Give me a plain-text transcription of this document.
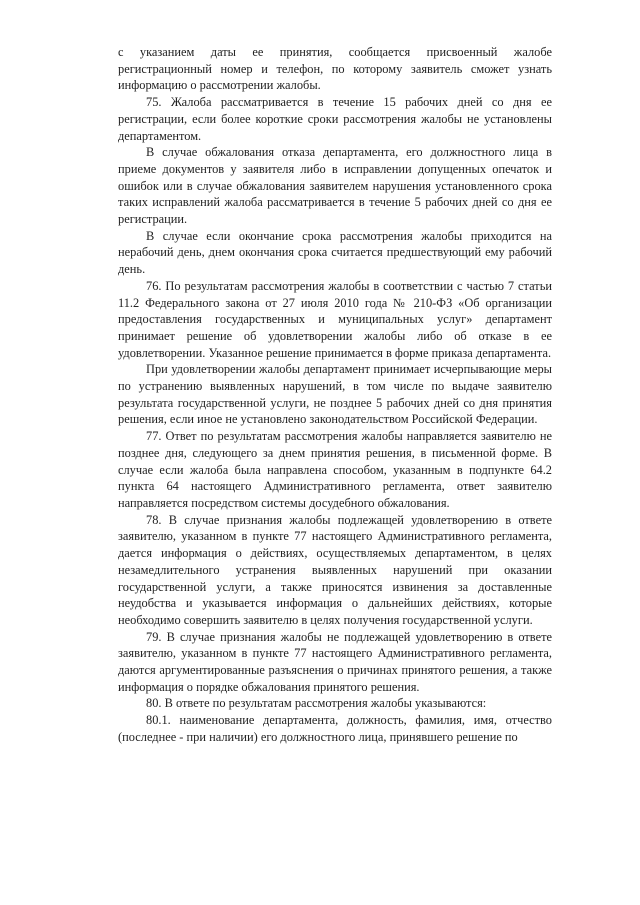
с указанием даты ее принятия, сообщается присвоенный жалобе регистрационный номер и телефон, по которому заявитель сможет узнать информацию о рассмотрении жалобы.

75. Жалоба рассматривается в течение 15 рабочих дней со дня ее регистрации, если более короткие сроки рассмотрения жалобы не установлены департаментом.

В случае обжалования отказа департамента, его должностного лица в приеме документов у заявителя либо в исправлении допущенных опечаток и ошибок или в случае обжалования заявителем нарушения установленного срока таких исправлений жалоба рассматривается в течение 5 рабочих дней со дня ее регистрации.

В случае если окончание срока рассмотрения жалобы приходится на нерабочий день, днем окончания срока считается предшествующий ему рабочий день.

76. По результатам рассмотрения жалобы в соответствии с частью 7 статьи 11.2 Федерального закона от 27 июля 2010 года № 210-ФЗ «Об организации предоставления государственных и муниципальных услуг» департамент принимает решение об удовлетворении жалобы либо об отказе в ее удовлетворении. Указанное решение принимается в форме приказа департамента.

При удовлетворении жалобы департамент принимает исчерпывающие меры по устранению выявленных нарушений, в том числе по выдаче заявителю результата государственной услуги, не позднее 5 рабочих дней со дня принятия решения, если иное не установлено законодательством Российской Федерации.

77. Ответ по результатам рассмотрения жалобы направляется заявителю не позднее дня, следующего за днем принятия решения, в письменной форме. В случае если жалоба была направлена способом, указанным в подпункте 64.2 пункта 64 настоящего Административного регламента, ответ заявителю направляется посредством системы досудебного обжалования.

78. В случае признания жалобы подлежащей удовлетворению в ответе заявителю, указанном в пункте 77 настоящего Административного регламента, дается информация о действиях, осуществляемых департаментом, в целях незамедлительного устранения выявленных нарушений при оказании государственной услуги, а также приносятся извинения за доставленные неудобства и указывается информация о дальнейших действиях, которые необходимо совершить заявителю в целях получения государственной услуги.

79. В случае признания жалобы не подлежащей удовлетворению в ответе заявителю, указанном в пункте 77 настоящего Административного регламента, даются аргументированные разъяснения о причинах принятого решения, а также информация о порядке обжалования принятого решения.

80. В ответе по результатам рассмотрения жалобы указываются:

80.1. наименование департамента, должность, фамилия, имя, отчество (последнее - при наличии) его должностного лица, принявшего решение по
